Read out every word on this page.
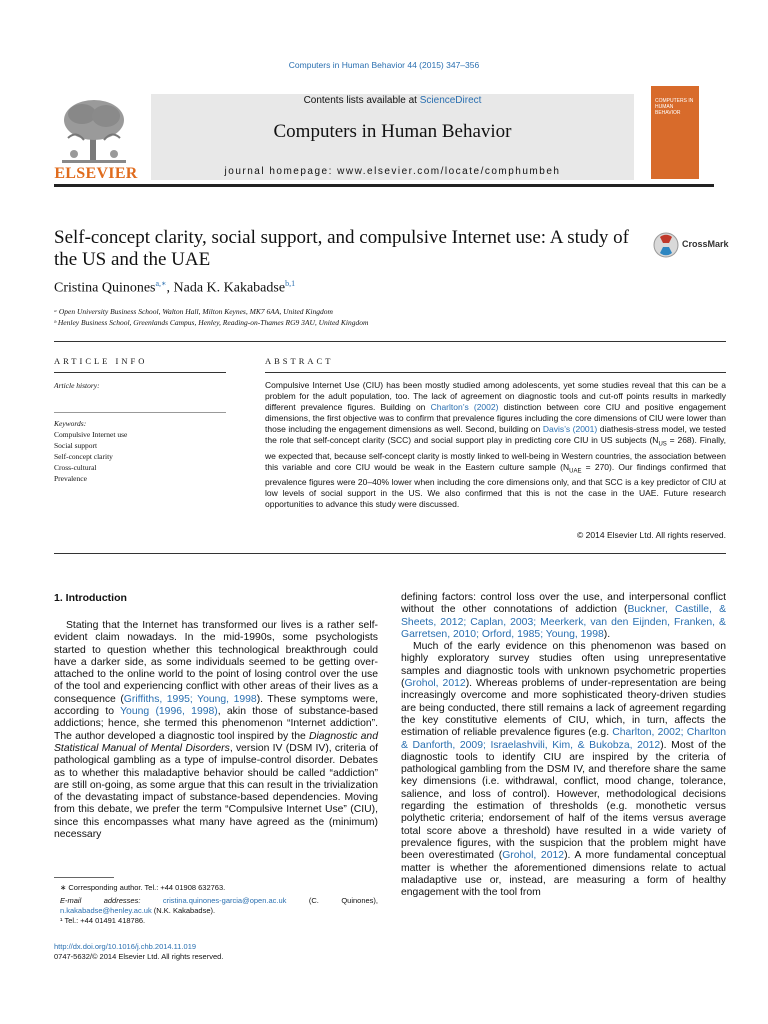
Computers in Human Behavior 44 (2015) 347–356
ELSEVIER
Contents lists available at ScienceDirect
Computers in Human Behavior
journal homepage: www.elsevier.com/locate/comphumbeh
COMPUTERS IN HUMAN BEHAVIOR
Self-concept clarity, social support, and compulsive Internet use: A study of the US and the UAE
CrossMark
Cristina Quinones$^{a,∗}$, Nada K. Kakabadse$^{b,1}$
ᵃ Open University Business School, Walton Hall, Milton Keynes, MK7 6AA, United Kingdom
ᵇ Henley Business School, Greenlands Campus, Henley, Reading-on-Thames RG9 3AU, United Kingdom
ARTICLE INFO
Article history:
Keywords:
Compulsive Internet use
Social support
Self-concept clarity
Cross-cultural
Prevalence
ABSTRACT
Compulsive Internet Use (CIU) has been mostly studied among adolescents, yet some studies reveal that this can be a problem for the adult population, too. The lack of agreement on diagnostic tools and cut-off points results in markedly different prevalence figures. Building on Charlton’s (2002) distinction between core CIU and positive engagement dimensions, the first objective was to confirm that prevalence figures including the core dimensions of CIU were lower than those including the engagement dimensions as well. Second, building on Davis’s (2001) diathesis-stress model, we tested the role that self-concept clarity (SCC) and social support play in predicting core CIU in US subjects $(N_{US} = 268)$. Finally, we expected that, because self-concept clarity is mostly linked to well-being in Western countries, the association between this variable and core CIU would be weak in the Eastern culture sample $(N_{UAE} = 270)$. Our findings confirmed that prevalence figures were 20–40% lower when including the core dimensions only, and that SCC is a key predictor of CIU at low levels of social support in the US. We also confirmed that this is not the case in the UAE. Future research opportunities to advance this study were discussed.
© 2014 Elsevier Ltd. All rights reserved.
1. Introduction

Stating that the Internet has transformed our lives is a rather self-evident claim nowadays. In the mid-1990s, some psychologists started to question whether this technological breakthrough could have a darker side, as some individuals seemed to be getting over-attached to the online world to the point of losing control over the use of the tool and experiencing conflict with other areas of their lives as a consequence (Griffiths, 1995; Young, 1998). These symptoms were, according to Young (1996, 1998), akin those of substance-based addictions; hence, she termed this phenomenon “Internet addiction”. The author developed a diagnostic tool inspired by the Diagnostic and Statistical Manual of Mental Disorders, version IV (DSM IV), criteria of pathological gambling as a type of impulse-control disorder. Debates as to whether this maladaptive behavior should be called “addiction” are still on-going, as some argue that this can result in the trivialization of the devastating impact of substance-based dependencies. Moving from this debate, we prefer the term “Compulsive Internet Use” (CIU), since this encompasses what many have agreed as the (minimum) necessary

∗ Corresponding author. Tel.: +44 01908 632763.
E-mail addresses: cristina.quinones-garcia@open.ac.uk (C. Quinones), n.kakabadse@henley.ac.uk (N.K. Kakabadse).
¹ Tel.: +44 01491 418786.
http://dx.doi.org/10.1016/j.chb.2014.11.019
0747-5632/© 2014 Elsevier Ltd. All rights reserved.

defining factors: control loss over the use, and interpersonal conflict without the other connotations of addiction (Buckner, Castille, & Sheets, 2012; Caplan, 2003; Meerkerk, van den Eijnden, Franken, & Garretsen, 2010; Orford, 1985; Young, 1998).

Much of the early evidence on this phenomenon was based on highly exploratory survey studies often using unrepresentative samples and diagnostic tools with unknown psychometric properties (Grohol, 2012). Whereas problems of under-representation are being increasingly overcome and more sophisticated theory-driven studies are being conducted, there still remains a lack of agreement regarding the key constitutive elements of CIU, which, in turn, affects the estimation of reliable prevalence figures (e.g. Charlton, 2002; Charlton & Danforth, 2009; Israelashvili, Kim, & Bukobza, 2012). Most of the diagnostic tools to identify CIU are inspired by the criteria of pathological gambling from the DSM IV, and therefore share the same key dimensions (i.e. withdrawal, conflict, mood change, tolerance, salience, and loss of control). However, methodological decisions regarding the estimation of thresholds (e.g. monothetic versus polythetic criteria; endorsement of half of the items versus average total score above a threshold) have resulted in a wide variety of prevalence figures, with the suspicion that the problem might have been overestimated (Grohol, 2012). A more fundamental conceptual matter is whether the aforementioned dimensions relate to actual maladaptive use or, instead, are measuring a form of healthy engagement with the tool from
